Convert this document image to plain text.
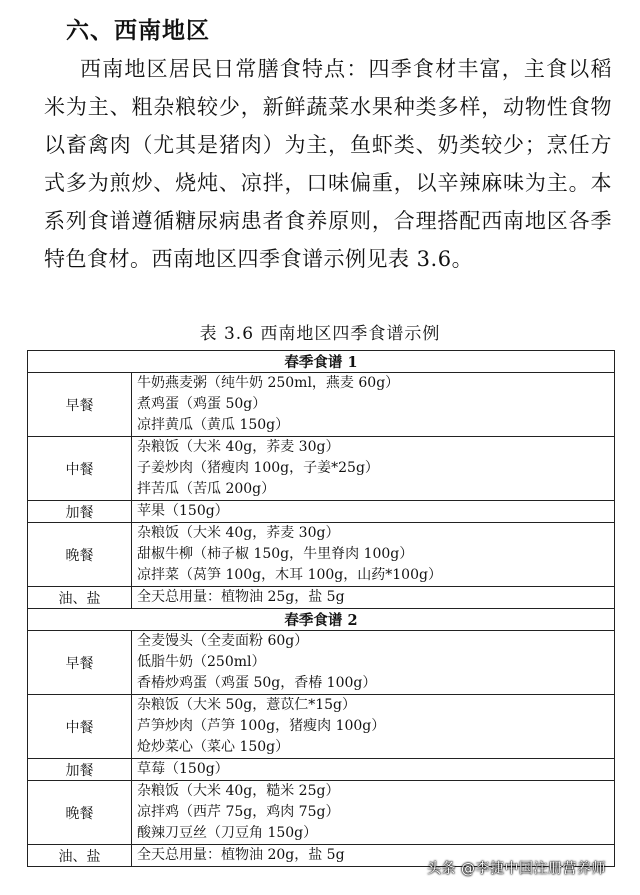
六、西南地区
西南地区居民日常膳食特点：四季食材丰富，主食以稻米为主、粗杂粮较少，新鲜蔬菜水果种类多样，动物性食物以畜禽肉（尤其是猪肉）为主，鱼虾类、奶类较少；烹任方式多为煎炒、烧炖、凉拌，口味偏重，以辛辣麻味为主。本系列食谱遵循糖尿病患者食养原则，合理搭配西南地区各季特色食材。西南地区四季食谱示例见表 3.6。
表 3.6 西南地区四季食谱示例
春季食谱 1	
早餐	牛奶燕麦粥（纯牛奶 250ml，燕麦 60g）
煮鸡蛋（鸡蛋 50g）
凉拌黄瓜（黄瓜 150g）

中餐	杂粮饭（大米 40g，荞麦 30g）
子姜炒肉（猪瘦肉 100g，子姜*25g）
拌苦瓜（苦瓜 200g）

加餐	苹果（150g）

晚餐	杂粮饭（大米 40g，荞麦 30g）
甜椒牛柳（柿子椒 150g，牛里脊肉 100g）
凉拌菜（莴笋 100g，木耳 100g，山药*100g）

油、盐	全天总用量：植物油 25g，盐 5g

春季食谱 2	
早餐	全麦馒头（全麦面粉 60g）
低脂牛奶（250ml）
香椿炒鸡蛋（鸡蛋 50g，香椿 100g）

中餐	杂粮饭（大米 50g，薏苡仁*15g）
芦笋炒肉（芦笋 100g，猪瘦肉 100g）
炝炒菜心（菜心 150g）

加餐	草莓（150g）

晚餐	杂粮饭（大米 40g，糙米 25g）
凉拌鸡（西芹 75g，鸡肉 75g）
酸辣刀豆丝（刀豆角 150g）

油、盐	全天总用量：植物油 20g，盐 5g
头条 @李捷中国注册营养师
